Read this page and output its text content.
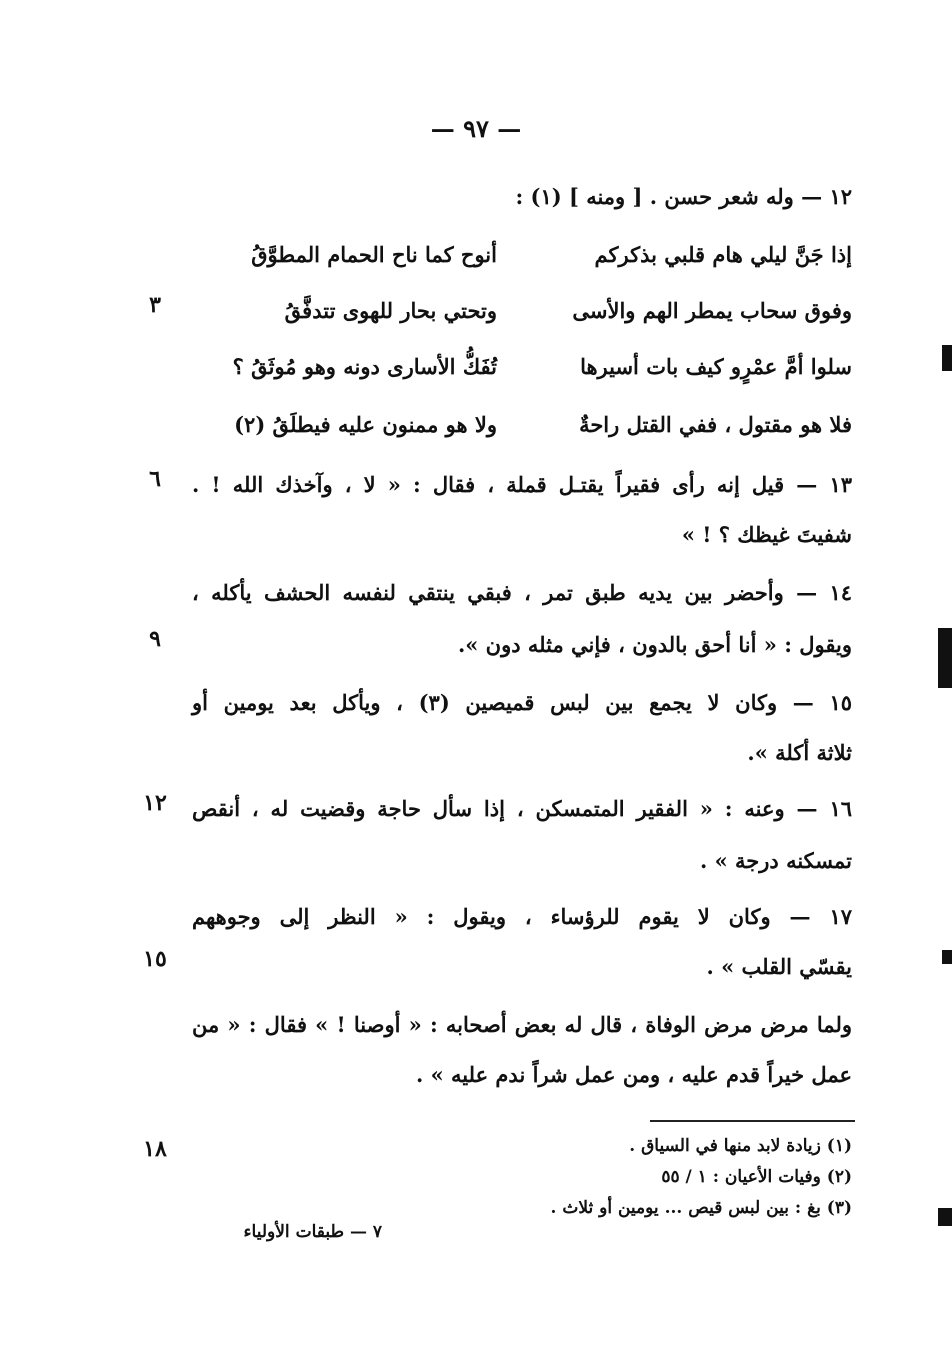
— ٩٧ —
١٢ — وله شعر حسن . [ ومنه ] (١) :
إذا جَنَّ ليلي هام قلبي بذكركم
أنوح كما ناح الحمام المطوَّقُ
وفوق سحاب يمطر الهم والأسى
وتحتي بحار للهوى تتدفَّقُ
سلوا أمَّ عمْرٍو كيف بات أسيرها
تُفَكُّ الأسارى دونه وهو مُوثَقُ ؟
فلا هو مقتول ، ففي القتل راحةٌ
ولا هو ممنون عليه فيطلَقُ (٢)
١٣ — قيل إنه رأى فقيراً يقتـل قملة ، فقال : « لا ، وآخذك الله ! .
شفيتَ غيظك ؟ ! »
١٤ — وأحضر بين يديه طبق تمر ، فبقي ينتقي لنفسه الحشف يأكله ،
ويقول : « أنا أحق بالدون ، فإني مثله دون ».
١٥ — وكان لا يجمع بين لبس قميصين (٣) ، ويأكل بعد يومين أو
ثلاثة أكلة ».
١٦ — وعنه : « الفقير المتمسكن ، إذا سأل حاجة وقضيت له ، أنقص
تمسكنه درجة » .
١٧ — وكان لا يقوم للرؤساء ، ويقول : « النظر إلى وجوههم
يقسّي القلب » .
ولما مرض مرض الوفاة ، قال له بعض أصحابه : « أوصنا ! » فقال : « من
عمل خيراً قدم عليه ، ومن عمل شراً ندم عليه » .
٣
٦
٩
١٢
١٥
١٨	(١) زيادة لابد منها في السياق .
(٢) وفيات الأعيان : ١ / ٥٥
(٣) بغ : بين لبس قيص ... يومين أو ثلاث .
٧ — طبقات الأولياء
